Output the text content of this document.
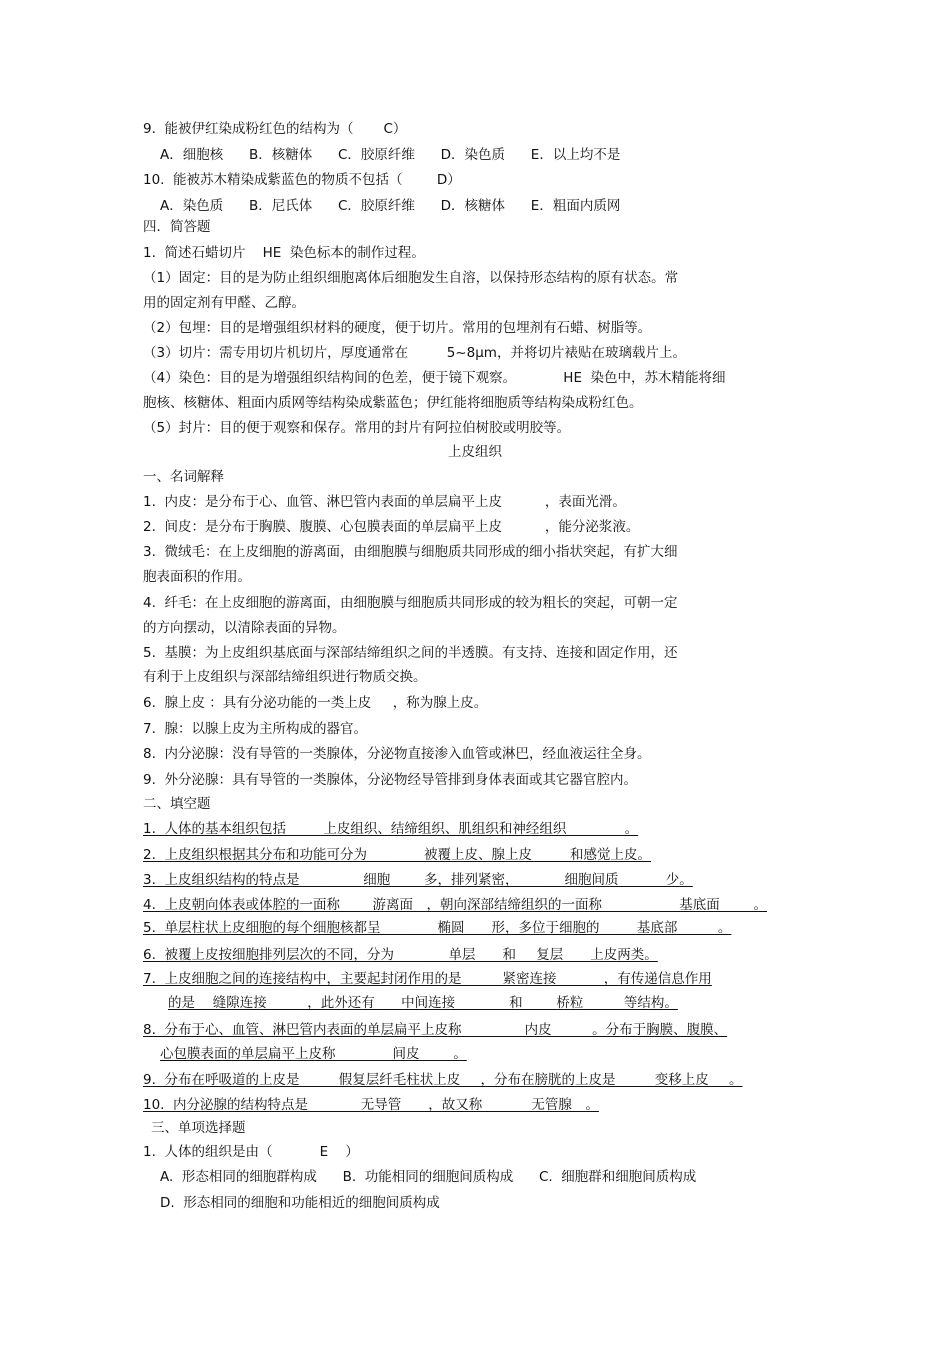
9.  能被伊红染成粉红色的结构为（       C）
A．细胞核      B．核糖体      C．胶原纤维      D．染色质      E．以上均不是
10.  能被苏木精染成紫蓝色的物质不包括（        D）
A．染色质      B．尼氏体      C．胶原纤维      D．核糖体      E．粗面内质网
四．简答题
1.  简述石蜡切片    HE  染色标本的制作过程。
（1）固定：目的是为防止组织细胞离体后细胞发生自溶，以保持形态结构的原有状态。常
用的固定剂有甲醛、乙醇。
（2）包埋：目的是增强组织材料的硬度，便于切片。常用的包埋剂有石蜡、树脂等。
（3）切片：需专用切片机切片，厚度通常在         5~8μm，并将切片裱贴在玻璃载片上。
（4）染色：目的是为增强组织结构间的色差，便于镜下观察。           HE  染色中，苏木精能将细
胞核、核糖体、粗面内质网等结构染成紫蓝色；伊红能将细胞质等结构染成粉红色。
（5）封片：目的便于观察和保存。常用的封片有阿拉伯树胶或明胶等。
上皮组织
一、名词解释
1.  内皮：是分布于心、血管、淋巴管内表面的单层扁平上皮          ，表面光滑。
2.  间皮：是分布于胸膜、腹膜、心包膜表面的单层扁平上皮          ，能分泌浆液。
3.  微绒毛：在上皮细胞的游离面，由细胞膜与细胞质共同形成的细小指状突起，有扩大细
胞表面积的作用。
4.  纤毛：在上皮细胞的游离面，由细胞膜与细胞质共同形成的较为粗长的突起，可朝一定
的方向摆动，以清除表面的异物。
5.  基膜：为上皮组织基底面与深部结缔组织之间的半透膜。有支持、连接和固定作用，还
有利于上皮组织与深部结缔组织进行物质交换。
6.  腺上皮 ：具有分泌功能的一类上皮     ，称为腺上皮。
7.  腺：以腺上皮为主所构成的器官。
8.  内分泌腺：没有导管的一类腺体，分泌物直接渗入血管或淋巴，经血液运往全身。
9.  外分泌腺：具有导管的一类腺体，分泌物经导管排到身体表面或其它器官腔内。
二、填空题
1.  人体的基本组织包括    ___上皮组织、结缔组织、肌组织和神经组织____ ____。
2.  上皮组织根据其分布和功能可分为       ____被覆上皮、腺上皮 _____和感觉上皮。
3.  上皮组织结构的特点是       _____细胞_____多，排列紧密，      ___细胞间质_______少。
4.  上皮朝向体表或体腔的一面称      _游离面__，朝向深部结缔组织的一面称       _______基底面_____。
5.  单层柱状上皮细胞的每个细胞核都呈       ____椭圆____形，多位于细胞的    ___基底部______。
6.  被覆上皮按细胞排列层次的不同，分为        ___单层____和___复层____上皮两类。
7.  上皮细胞之间的连接结构中，主要起封闭作用的是        _紧密连接_______，有传递信息作用
的是 __缝隙连接______，此外还有   __中间连接________和_____桥粒______等结构。
8.  分布于心、血管、淋巴管内表面的单层扁平上皮称          ___内皮______。分布于胸膜、腹膜、
心包膜表面的单层扁平上皮称       ____间皮_____。
9.  分布在呼吸道的上皮是      __假复层纤毛柱状上皮___，分布在膀胱的上皮是      __变移上皮___。
10.  内分泌腺的结构特点是      ____无导管____，故又称  ______无管腺__。
三、单项选择题
1.  人体的组织是由（           E    ）
A.  形态相同的细胞群构成      B.  功能相同的细胞间质构成      C.  细胞群和细胞间质构成
D.  形态相同的细胞和功能相近的细胞间质构成
